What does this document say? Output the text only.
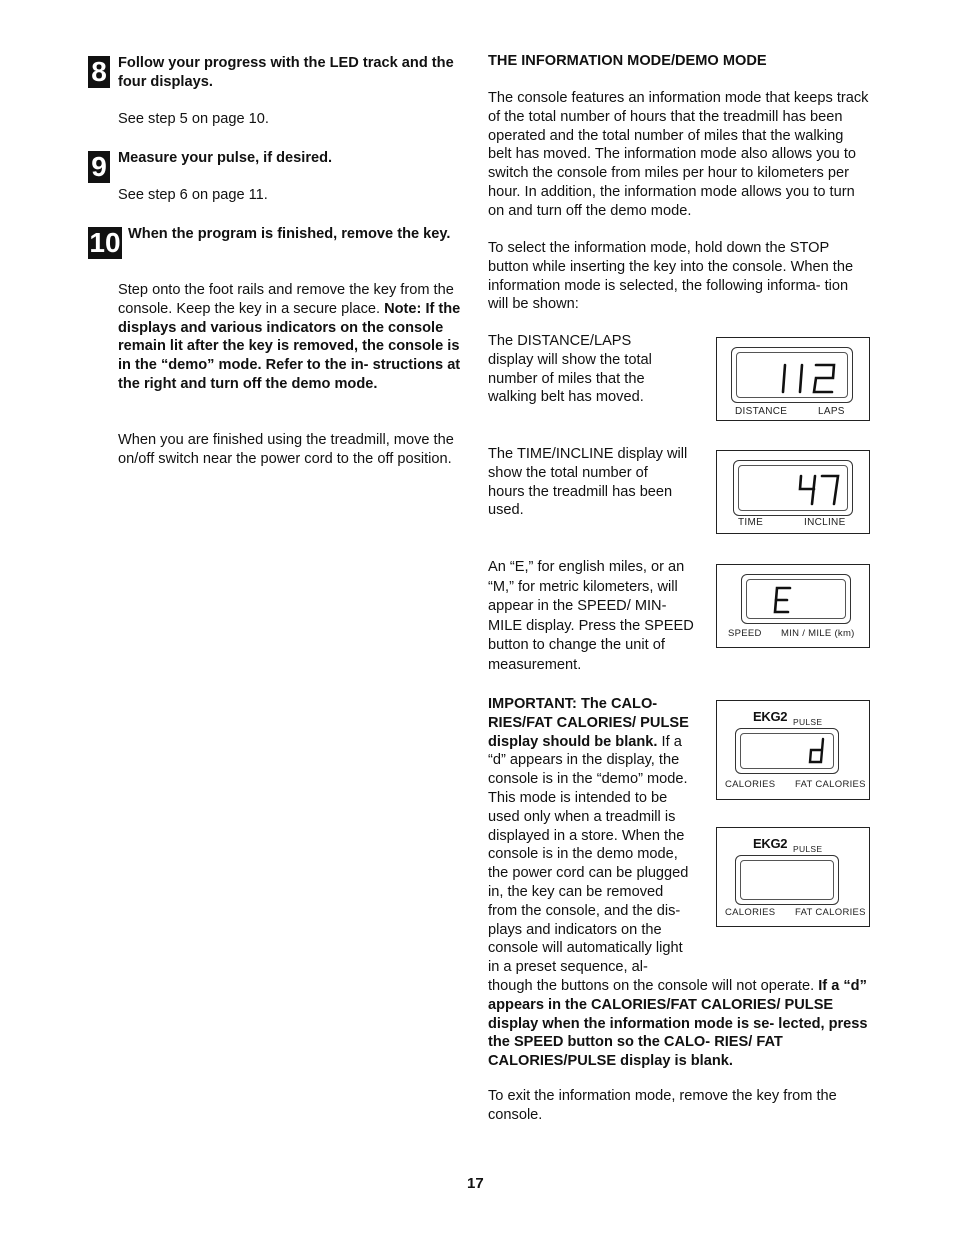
8 Follow your progress with the LED track and the four displays.

See step 5 on page 10.

9 Measure your pulse, if desired.

See step 6 on page 11.

10 When the program is finished, remove the key.

Step onto the foot rails and remove the key from the console. Keep the key in a secure place. Note: If the displays and various indicators on the console remain lit after the key is removed, the console is in the “demo” mode. Refer to the in- structions at the right and turn off the demo mode.

When you are finished using the treadmill, move the on/off switch near the power cord to the off position.

THE INFORMATION MODE/DEMO MODE

The console features an information mode that keeps track of the total number of hours that the treadmill has been operated and the total number of miles that the walking belt has moved. The information mode also allows you to switch the console from miles per hour to kilometers per hour. In addition, the information mode allows you to turn on and turn off the demo mode.

To select the information mode, hold down the STOP button while inserting the key into the console. When the information mode is selected, the following informa- tion will be shown:

The DISTANCE/LAPS display will show the total number of miles that the walking belt has moved.

The TIME/INCLINE display will show the total number of hours the treadmill has been used.

An “E,” for english miles, or an “M,” for metric kilometers, will appear in the SPEED/ MIN- MILE display. Press the SPEED button to change the unit of measurement.

IMPORTANT: The CALO- RIES/FAT CALORIES/ PULSE display should be blank. If a “d” appears in the display, the console is in the “demo” mode. This mode is intended to be used only when a treadmill is displayed in a store. When the console is in the demo mode, the power cord can be plugged in, the key can be removed from the console, and the dis- plays and indicators on the console will automatically light in a preset sequence, al- though the buttons on the console will not operate. If a “d” appears in the CALORIES/FAT CALORIES/ PULSE display when the information mode is se- lected, press the SPEED button so the CALO- RIES/ FAT CALORIES/PULSE display is blank.

To exit the information mode, remove the key from the console.

DISTANCE	LAPS
TIME	INCLINE
SPEED MIN / MILE (km)
EKG2 PULSE
CALORIES FAT CALORIES
EKG2 PULSE
CALORIES FAT CALORIES
17
